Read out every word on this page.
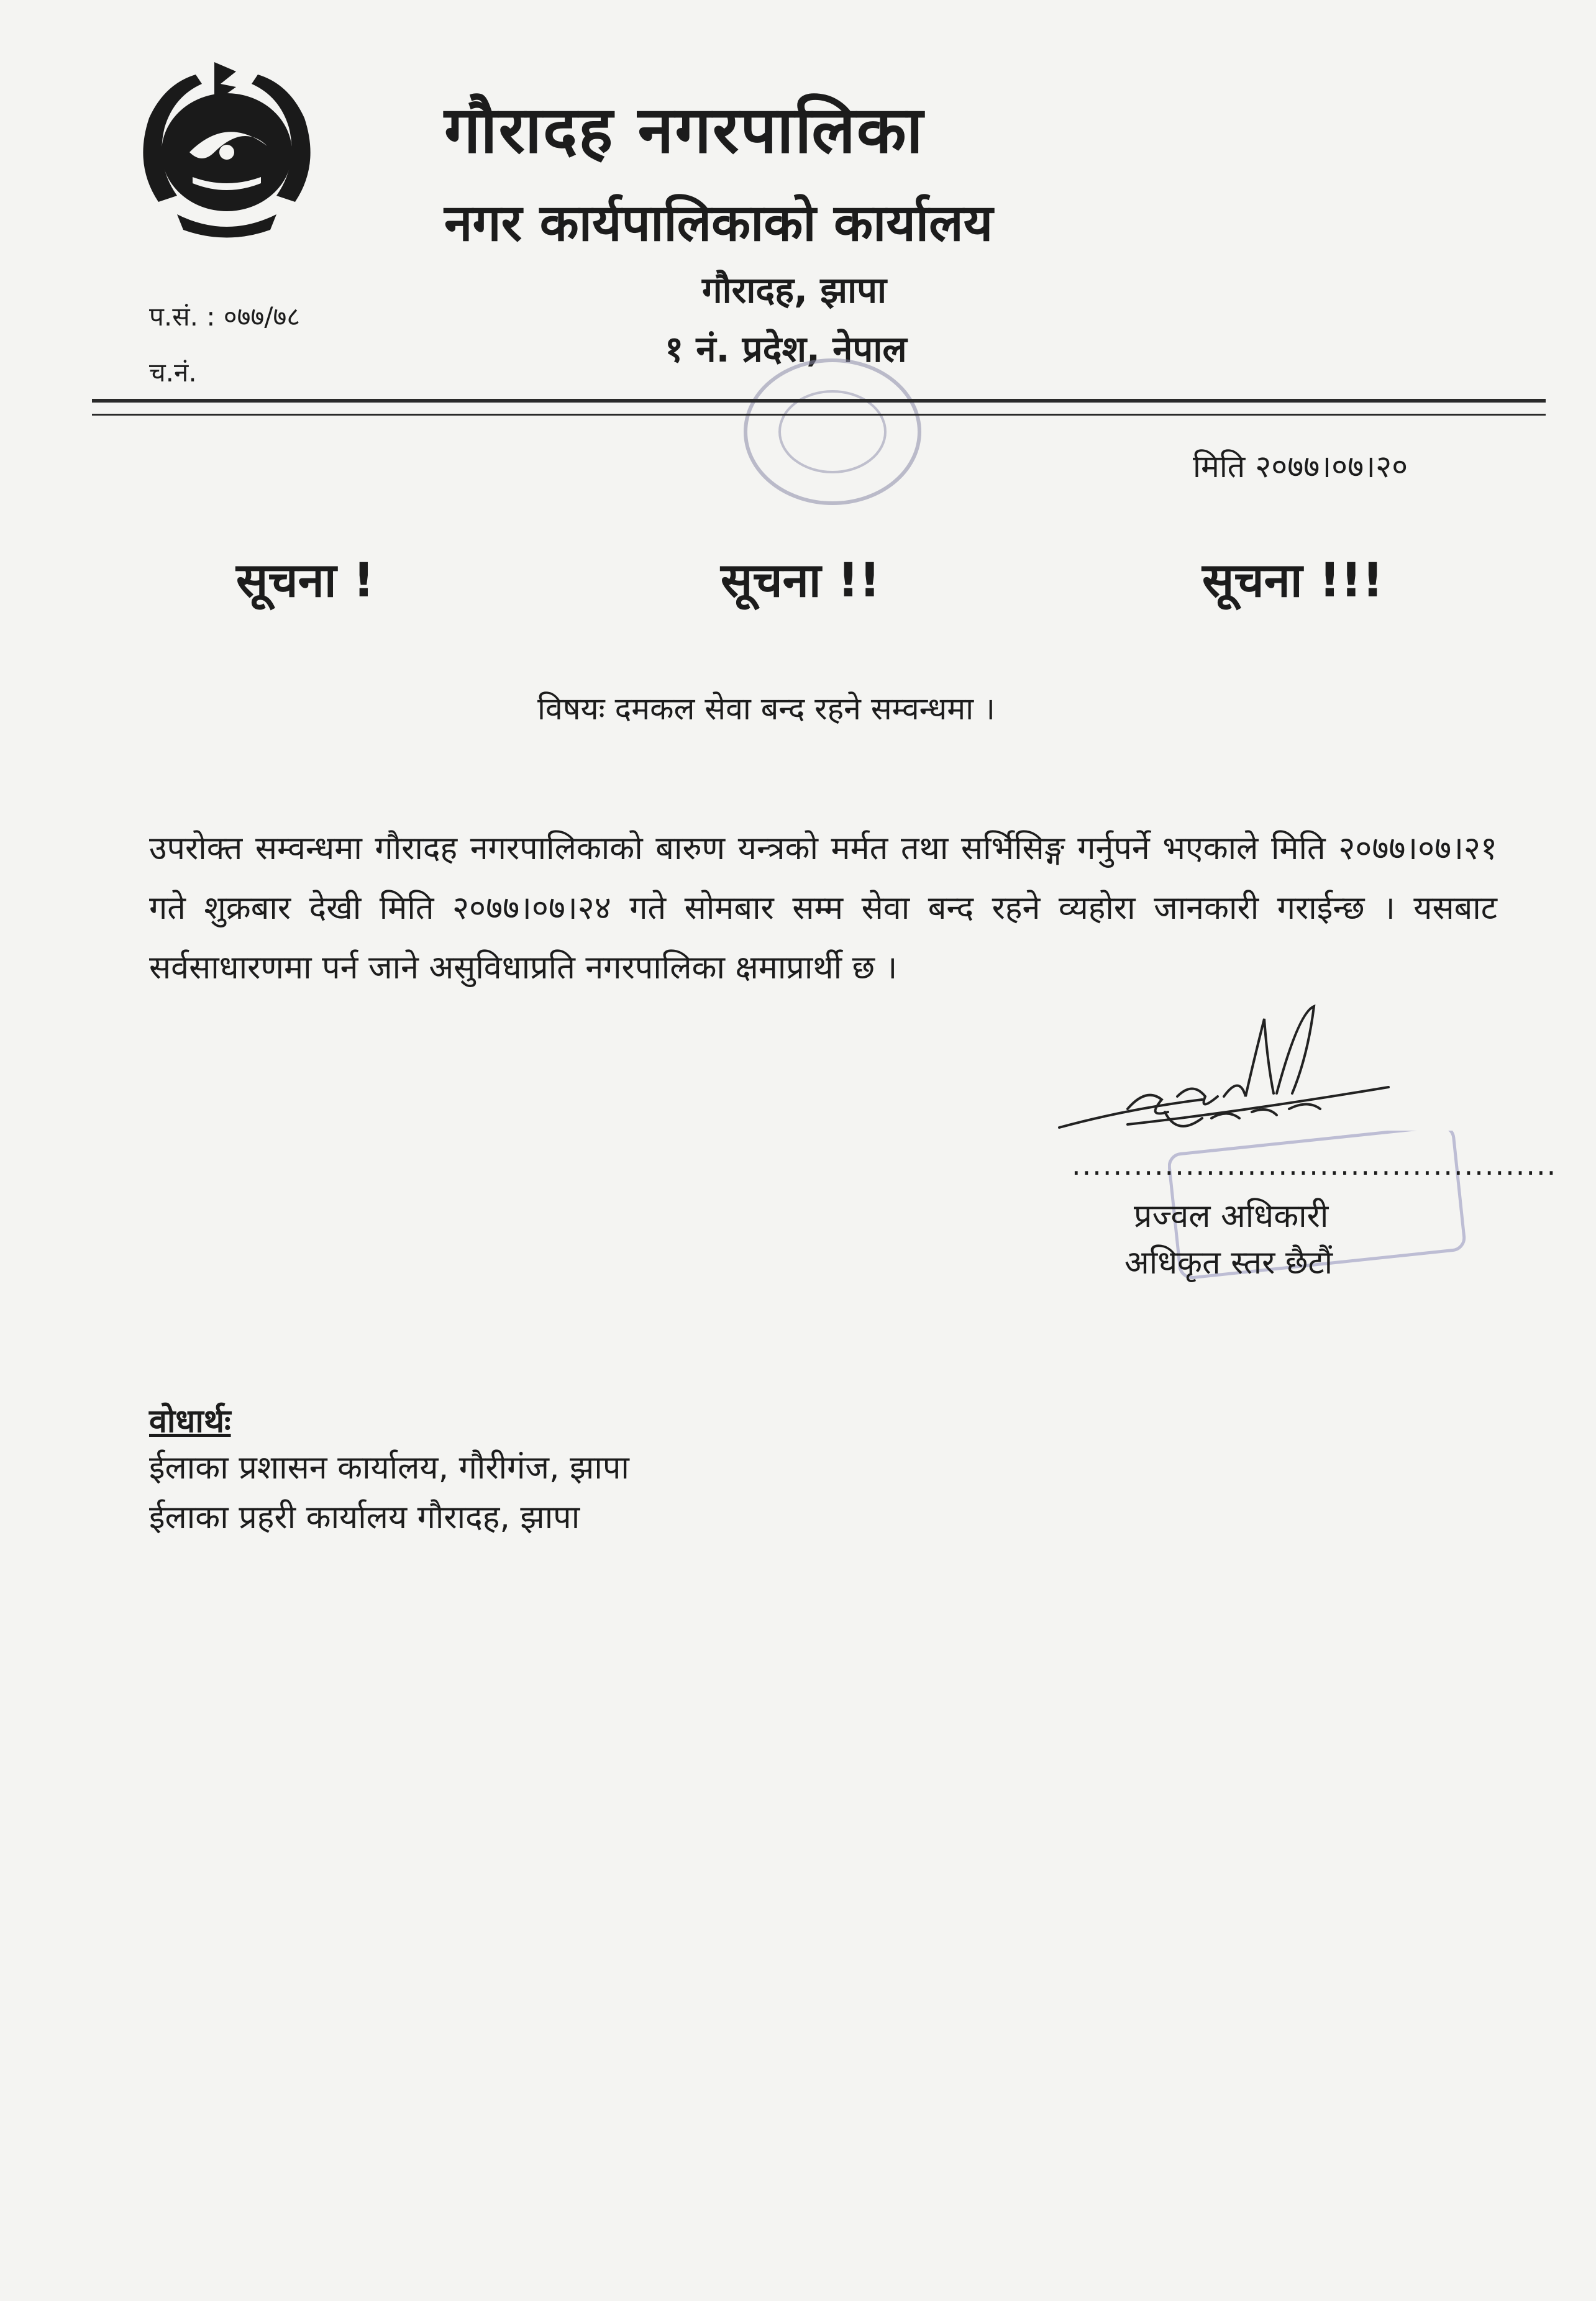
गौरादह नगरपालिका
नगर कार्यपालिकाको कार्यालय
गौरादह, झापा
१ नं. प्रदेश, नेपाल
प.सं. : ०७७/७८
च.नं.
मिति २०७७।०७।२०
सूचना !	सूचना !!	सूचना !!!
विषयः दमकल सेवा बन्द रहने सम्वन्धमा ।
उपरोक्त सम्वन्धमा गौरादह नगरपालिकाको बारुण यन्त्रको मर्मत तथा सर्भिसिङ्ग गर्नुपर्ने भएकाले मिति २०७७।०७।२१ गते शुक्रबार देखी मिति २०७७।०७।२४ गते सोमबार सम्म सेवा बन्द रहने व्यहोरा जानकारी गराईन्छ । यसबाट सर्वसाधारणमा पर्न जाने असुविधाप्रति नगरपालिका क्षमाप्रार्थी छ ।
...............................................
प्रज्वल अधिकारी
अधिकृत स्तर छैटौं
वोधार्थः
ईलाका प्रशासन कार्यालय, गौरीगंज, झापा
ईलाका प्रहरी कार्यालय गौरादह, झापा
